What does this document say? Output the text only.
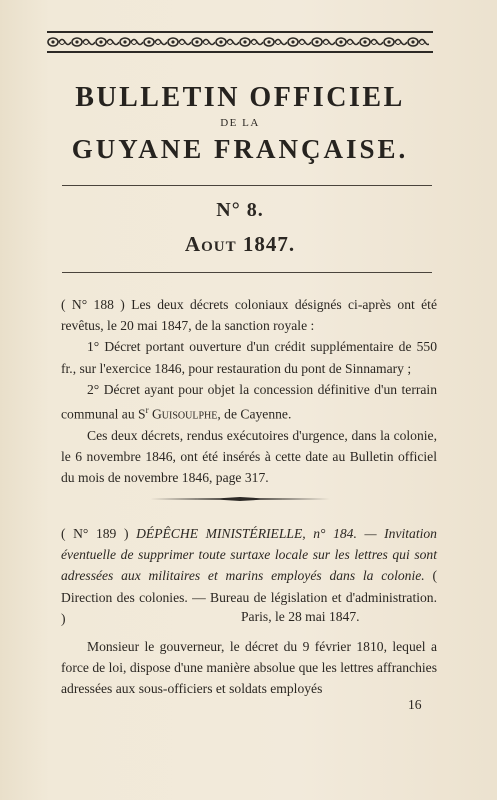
BULLETIN OFFICIEL
DE LA
GUYANE FRANÇAISE.
N° 8.
Aout 1847.

( N° 188 ) Les deux décrets coloniaux désignés ci-après ont été revêtus, le 20 mai 1847, de la sanction royale :

1° Décret portant ouverture d'un crédit supplémentaire de 550 fr., sur l'exercice 1846, pour restauration du pont de Sinnamary ;

2° Décret ayant pour objet la concession définitive d'un terrain communal au $S^r$ Guisoulphe, de Cayenne.

Ces deux décrets, rendus exécutoires d'urgence, dans la colonie, le 6 novembre 1846, ont été insérés à cette date au Bulletin officiel du mois de novembre 1846, page 317.

( N° 189 ) DÉPÊCHE MINISTÉRIELLE, n° 184. — Invitation éventuelle de supprimer toute surtaxe locale sur les lettres qui sont adressées aux militaires et marins employés dans la colonie. ( Direction des colonies. — Bureau de législation et d'administration. )	Paris, le 28 mai 1847.

Monsieur le gouverneur, le décret du 9 février 1810, lequel a force de loi, dispose d'une manière absolue que les lettres affranchies adressées aux sous-officiers et soldats employés

16
